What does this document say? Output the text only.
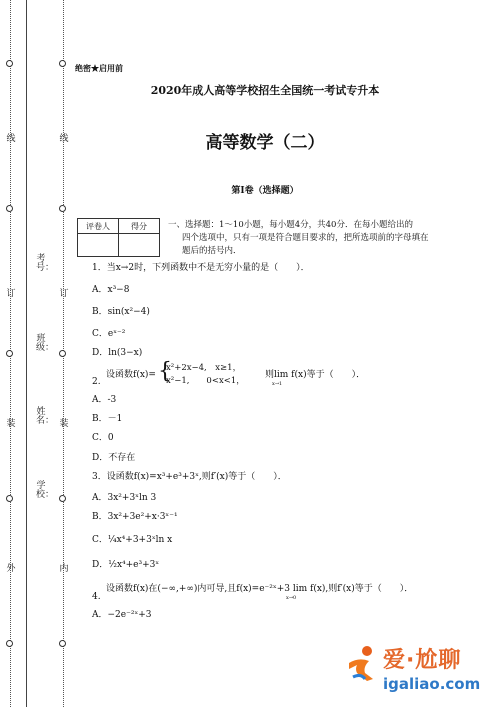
线
订
装
外
线
订
装
内
考号：
班级：
姓名：
学校：
绝密★启用前
2020年成人高等学校招生全国统一考试专升本
高等数学（二）
第Ⅰ卷（选择题）
评卷人	得分
	一、选择题：1～10小题，每小题4分，共40分．在每小题给出的
四个选项中，只有一项是符合题目要求的，把所选项前的字母填在
题后的括号内．
1．当x→2时，下列函数中不是无穷小量的是（　　）．
A．x³−8
B．sin(x²−4)
C．eˣ⁻²
D．ln(3−x)
2.
设函数f(x)= {
x²+2x−4,　x≥1，
x²−1,　　0<x<1，
则lim f(x)等于（　　）．
x→1
A．-3
B．－1
C．0
D．不存在
3．设函数f(x)=x³+e³+3ˣ,则f′(x)等于（　　）．
A．3x²+3ˣln 3
B．3x²+3e²+x·3ˣ⁻¹
C．¼x⁴+3+3ˣln x
D．½x⁴+e³+3ˣ
4.
设函数f(x)在(−∞,+∞)内可导,且f(x)=e⁻²ˣ+3 lim f(x),则f′(x)等于（　　）．
x→0
A．−2e⁻²ˣ+3
爱·尬聊
igaliao.com
